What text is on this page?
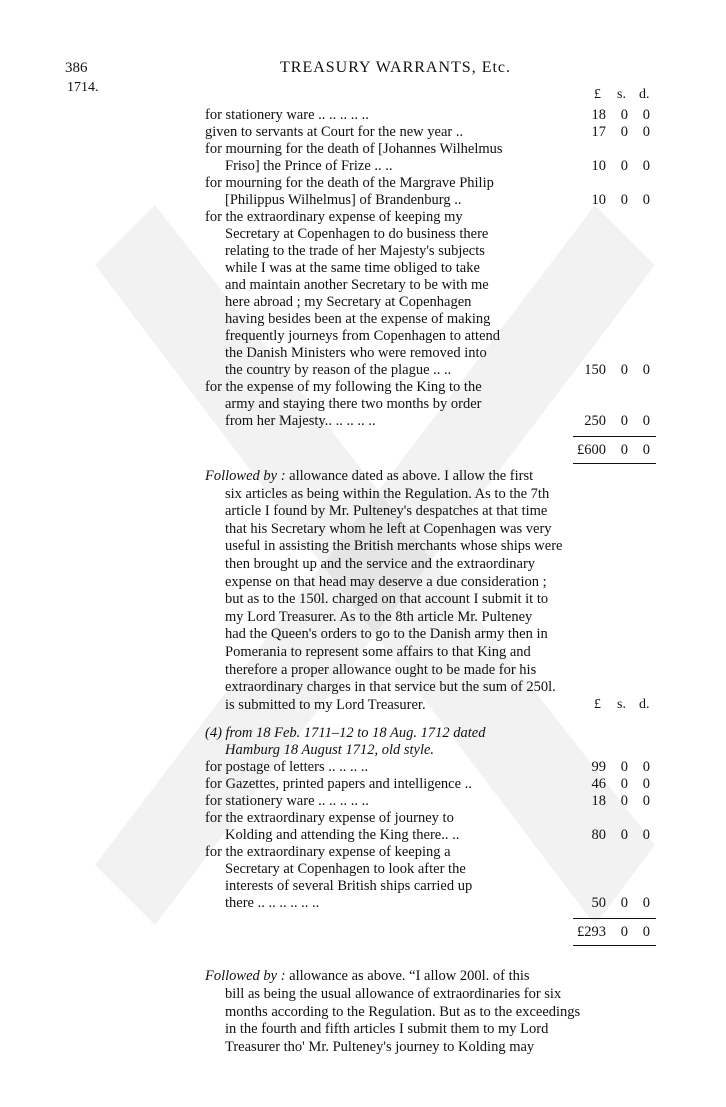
386
1714.
TREASURY WARRANTS, Etc.
£ s. d.
for stationery ware .. .. .. .. ..	18 0 0
given to servants at Court for the new year ..	17 0 0
for mourning for the death of [Johannes Wilhelmus
Friso] the Prince of Frize .. ..	10 0 0
for mourning for the death of the Margrave Philip
[Philippus Wilhelmus] of Brandenburg ..	10 0 0
for the extraordinary expense of keeping my
Secretary at Copenhagen to do business there
relating to the trade of her Majesty's subjects
while I was at the same time obliged to take
and maintain another Secretary to be with me
here abroad ; my Secretary at Copenhagen
having besides been at the expense of making
frequently journeys from Copenhagen to attend
the Danish Ministers who were removed into
the country by reason of the plague .. ..	150 0 0
for the expense of my following the King to the
army and staying there two months by order
from her Majesty.. .. .. .. ..	250 0 0
£600 0 0
Followed by : allowance dated as above. I allow the first
six articles as being within the Regulation. As to the 7th
article I found by Mr. Pulteney's despatches at that time
that his Secretary whom he left at Copenhagen was very
useful in assisting the British merchants whose ships were
then brought up and the service and the extraordinary
expense on that head may deserve a due consideration ;
but as to the 150l. charged on that account I submit it to
my Lord Treasurer. As to the 8th article Mr. Pulteney
had the Queen's orders to go to the Danish army then in
Pomerania to represent some affairs to that King and
therefore a proper allowance ought to be made for his
extraordinary charges in that service but the sum of 250l.
is submitted to my Lord Treasurer.	£ s. d.
(4) from 18 Feb. 1711–12 to 18 Aug. 1712 dated
Hamburg 18 August 1712, old style.
for postage of letters .. .. .. ..	99 0 0
for Gazettes, printed papers and intelligence ..	46 0 0
for stationery ware .. .. .. .. ..	18 0 0
for the extraordinary expense of journey to
Kolding and attending the King there.. ..	80 0 0
for the extraordinary expense of keeping a
Secretary at Copenhagen to look after the
interests of several British ships carried up
there .. .. .. .. .. ..	50 0 0
£293 0 0
Followed by : allowance as above. “I allow 200l. of this
bill as being the usual allowance of extraordinaries for six
months according to the Regulation. But as to the exceedings
in the fourth and fifth articles I submit them to my Lord
Treasurer tho' Mr. Pulteney's journey to Kolding may
